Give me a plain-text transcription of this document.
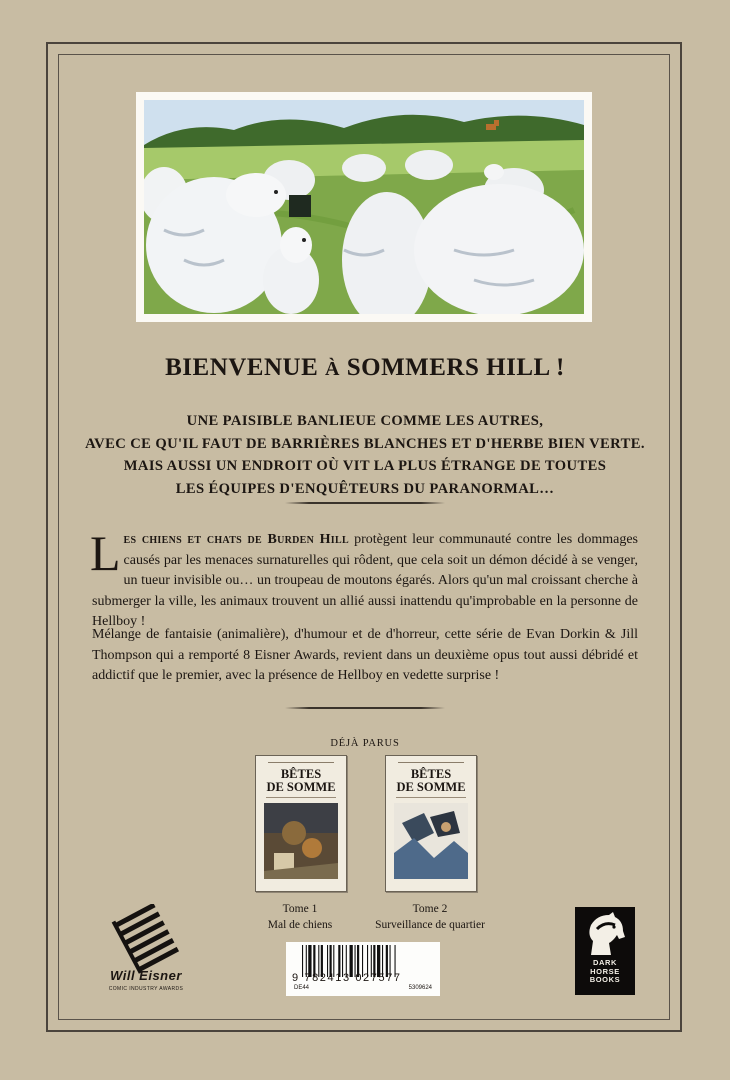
BIENVENUE À SOMMERS HILL !
UNE PAISIBLE BANLIEUE COMME LES AUTRES,
AVEC CE QU'IL FAUT DE BARRIÈRES BLANCHES ET D'HERBE BIEN VERTE.
MAIS AUSSI UN ENDROIT OÙ VIT LA PLUS ÉTRANGE DE TOUTES
LES ÉQUIPES D'ENQUÊTEURS DU PARANORMAL…
Les chiens et chats de Burden Hill protègent leur communauté contre les dommages causés par les menaces surnaturelles qui rôdent, que cela soit un démon décidé à se venger, un tueur invisible ou… un troupeau de moutons égarés. Alors qu'un mal croissant cherche à submerger la ville, les animaux trouvent un allié aussi inattendu qu'improbable en la personne de Hellboy !
Mélange de fantaisie (animalière), d'humour et de d'horreur, cette série de Evan Dorkin & Jill Thompson qui a remporté 8 Eisner Awards, revient dans un deuxième opus tout aussi débridé et addictif que le premier, avec la présence de Hellboy en vedette surprise !
DÉJÀ PARUS
BÊTES
DE SOMME
BÊTES
DE SOMME
Tome 1
Mal de chiens
Tome 2
Surveillance de quartier
Will Eisner
COMIC INDUSTRY AWARDS
9 782413 027577
DE44	5309624
DARK
HORSE
BOOKS
